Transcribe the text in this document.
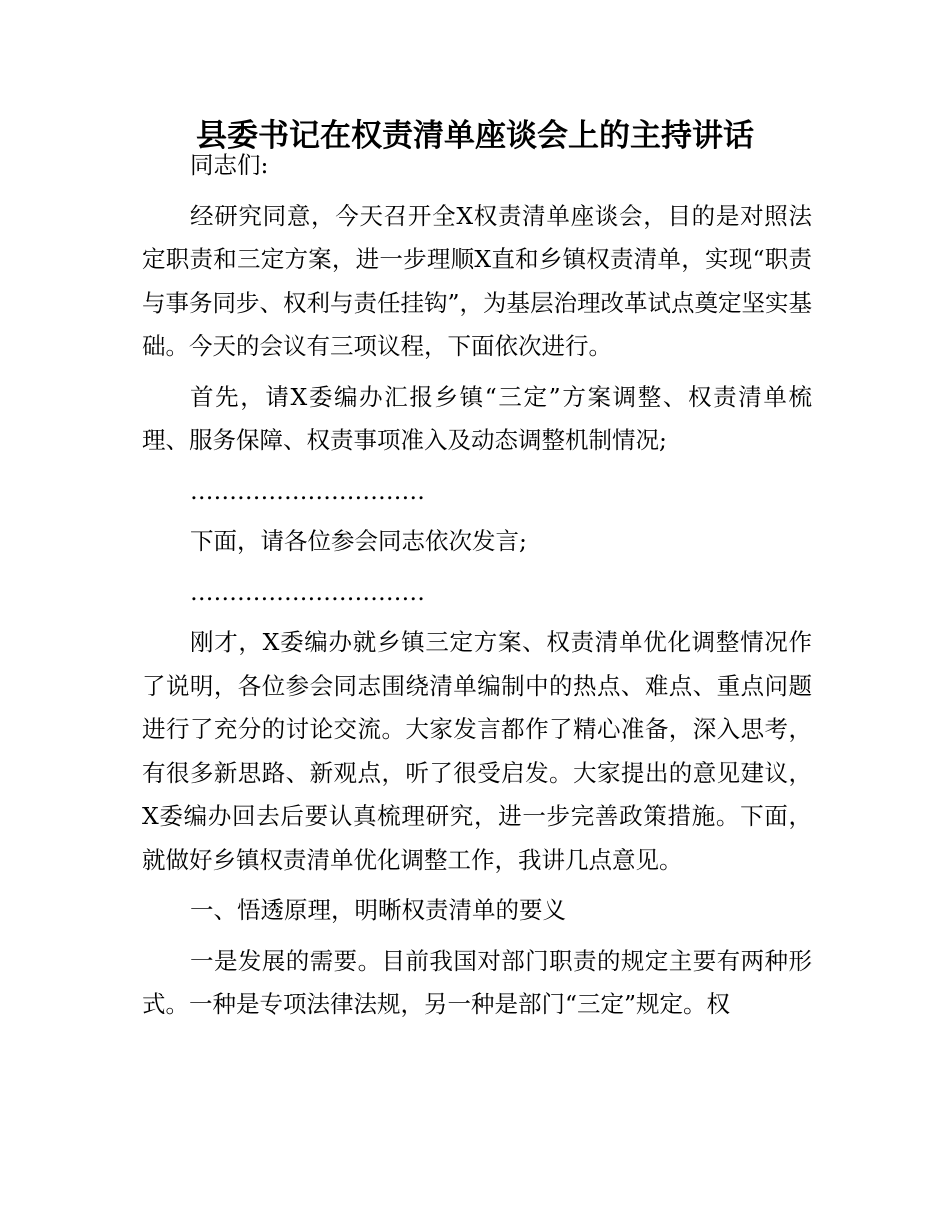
县委书记在权责清单座谈会上的主持讲话

同志们:

经研究同意，今天召开全X权责清单座谈会，目的是对照法定职责和三定方案，进一步理顺X直和乡镇权责清单，实现“职责与事务同步、权利与责任挂钩”，为基层治理改革试点奠定坚实基础。今天的会议有三项议程，下面依次进行。

首先，请X委编办汇报乡镇“三定”方案调整、权责清单梳理、服务保障、权责事项准入及动态调整机制情况;

…………………………

下面，请各位参会同志依次发言;

…………………………

刚才，X委编办就乡镇三定方案、权责清单优化调整情况作了说明，各位参会同志围绕清单编制中的热点、难点、重点问题进行了充分的讨论交流。大家发言都作了精心准备，深入思考，有很多新思路、新观点，听了很受启发。大家提出的意见建议，X委编办回去后要认真梳理研究，进一步完善政策措施。下面，就做好乡镇权责清单优化调整工作，我讲几点意见。

一、悟透原理，明晰权责清单的要义

一是发展的需要。目前我国对部门职责的规定主要有两种形式。一种是专项法律法规，另一种是部门“三定”规定。权
